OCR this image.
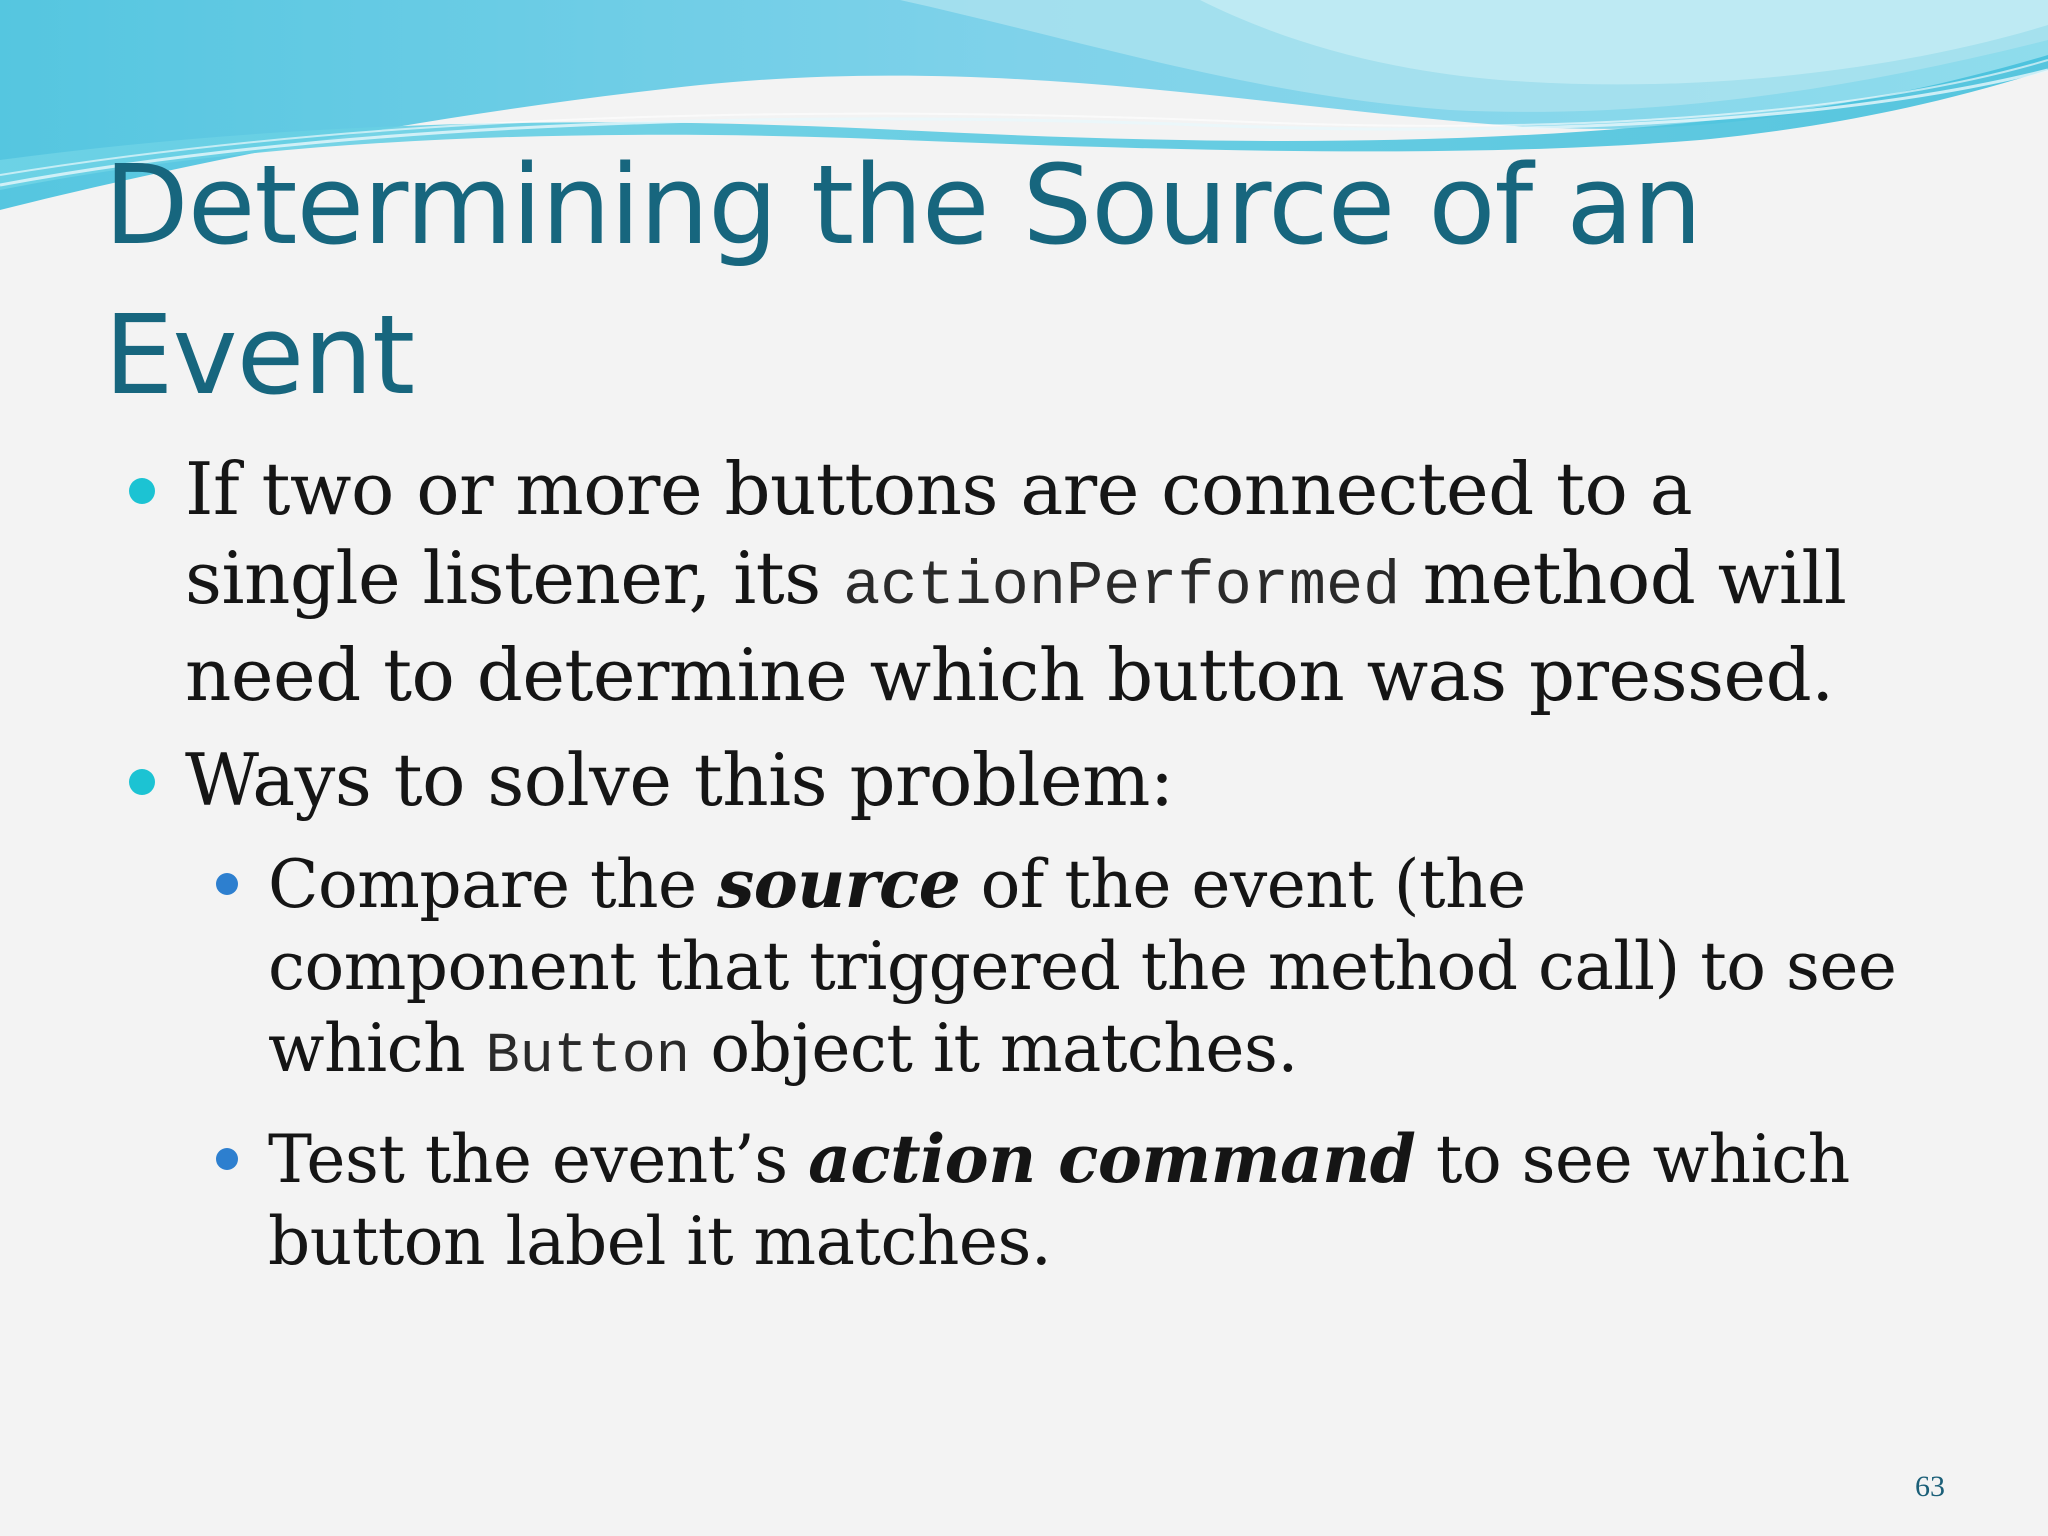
Determining the Source of an Event
If two or more buttons are connected to a single listener, its actionPerformed method will need to determine which button was pressed.
Ways to solve this problem:
Compare the source of the event (the component that triggered the method call) to see which Button object it matches.
Test the event’s action command to see which button label it matches.
63
